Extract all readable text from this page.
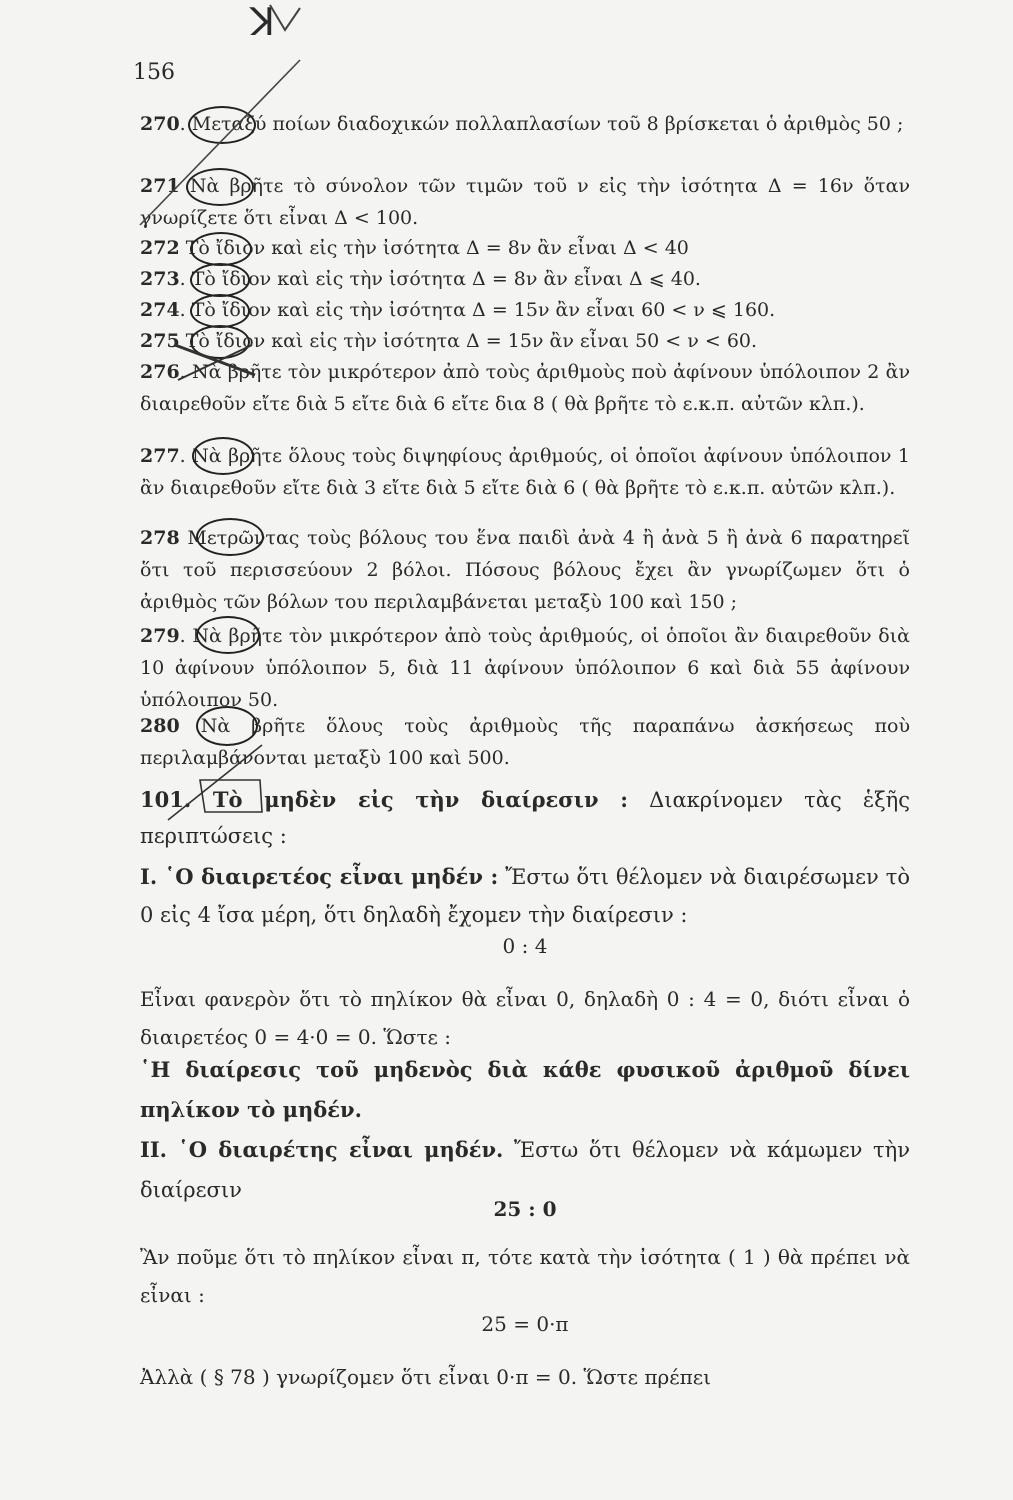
ꓘ
156
270. Μεταξύ ποίων διαδοχικών πολλαπλασίων τοῦ 8 βρίσκεται ὁ ἀριθμὸς 50 ;
271 Νὰ βρῆτε τὸ σύνολον τῶν τιμῶν τοῦ ν εἰς τὴν ἰσότητα Δ = 16ν ὅταν γνωρίζετε ὅτι εἶναι Δ < 100.
272 Τὸ ἴδιον καὶ εἰς τὴν ἰσότητα Δ = 8ν ἂν εἶναι Δ < 40
273. Τὸ ἴδιον καὶ εἰς τὴν ἰσότητα Δ = 8ν ἂν εἶναι Δ ⩽ 40.
274. Τὸ ἴδιον καὶ εἰς τὴν ἰσότητα Δ = 15ν ἂν εἶναι 60 < ν ⩽ 160.
275 Τὸ ἴδιον καὶ εἰς τὴν ἰσότητα Δ = 15ν ἂν εἶναι 50 < ν < 60.
276. Νὰ βρῆτε τὸν μικρότερον ἀπὸ τοὺς ἀριθμοὺς ποὺ ἀφίνουν ὑπόλοιπον 2 ἂν διαιρεθοῦν εἴτε διὰ 5 εἴτε διὰ 6 εἴτε δια 8 ( θὰ βρῆτε τὸ ε.κ.π. αὐτῶν κλπ.).
277. Νὰ βρῆτε ὅλους τοὺς διψηφίους ἀριθμούς, οἱ ὁποῖοι ἀφίνουν ὑπόλοιπον 1 ἂν διαιρεθοῦν εἴτε διὰ 3 εἴτε διὰ 5 εἴτε διὰ 6 ( θὰ βρῆτε τὸ ε.κ.π. αὐτῶν κλπ.).
278 Μετρῶντας τοὺς βόλους του ἕνα παιδὶ ἀνὰ 4 ἢ ἀνὰ 5 ἢ ἀνὰ 6 παρατηρεῖ ὅτι τοῦ περισσεύουν 2 βόλοι. Πόσους βόλους ἔχει ἂν γνωρίζωμεν ὅτι ὁ ἀριθμὸς τῶν βόλων του περιλαμβάνεται μεταξὺ 100 καὶ 150 ;
279. Νὰ βρῆτε τὸν μικρότερον ἀπὸ τοὺς ἀριθμούς, οἱ ὁποῖοι ἂν διαιρεθοῦν διὰ 10 ἀφίνουν ὑπόλοιπον 5, διὰ 11 ἀφίνουν ὑπόλοιπον 6 καὶ διὰ 55 ἀφίνουν ὑπόλοιπον 50.
280 Νὰ βρῆτε ὅλους τοὺς ἀριθμοὺς τῆς παραπάνω ἀσκήσεως ποὺ περιλαμβάνονται μεταξὺ 100 καὶ 500.
101. Τὸ μηδὲν εἰς τὴν διαίρεσιν : Διακρίνομεν τὰς ἑξῆς περιπτώσεις :
I. ῾Ο διαιρετέος εἶναι μηδέν : Ἔστω ὅτι θέλομεν νὰ διαιρέσωμεν τὸ 0 εἰς 4 ἴσα μέρη, ὅτι δηλαδὴ ἔχομεν τὴν διαίρεσιν :
0 : 4
Εἶναι φανερὸν ὅτι τὸ πηλίκον θὰ εἶναι 0, δηλαδὴ 0 : 4 = 0, διότι εἶναι ὁ διαιρετέος 0 = 4·0 = 0. Ὥστε :
῾Η διαίρεσις τοῦ μηδενὸς διὰ κάθε φυσικοῦ ἀριθμοῦ δίνει πηλίκον τὸ μηδέν.
II. ῾Ο διαιρέτης εἶναι μηδέν. Ἔστω ὅτι θέλομεν νὰ κάμωμεν τὴν διαίρεσιν
25 : 0
Ἂν ποῦμε ὅτι τὸ πηλίκον εἶναι π, τότε κατὰ τὴν ἰσότητα ( 1 ) θὰ πρέπει νὰ εἶναι :
25 = 0·π
Ἀλλὰ ( § 78 ) γνωρίζομεν ὅτι εἶναι 0·π = 0. Ὥστε πρέπει
